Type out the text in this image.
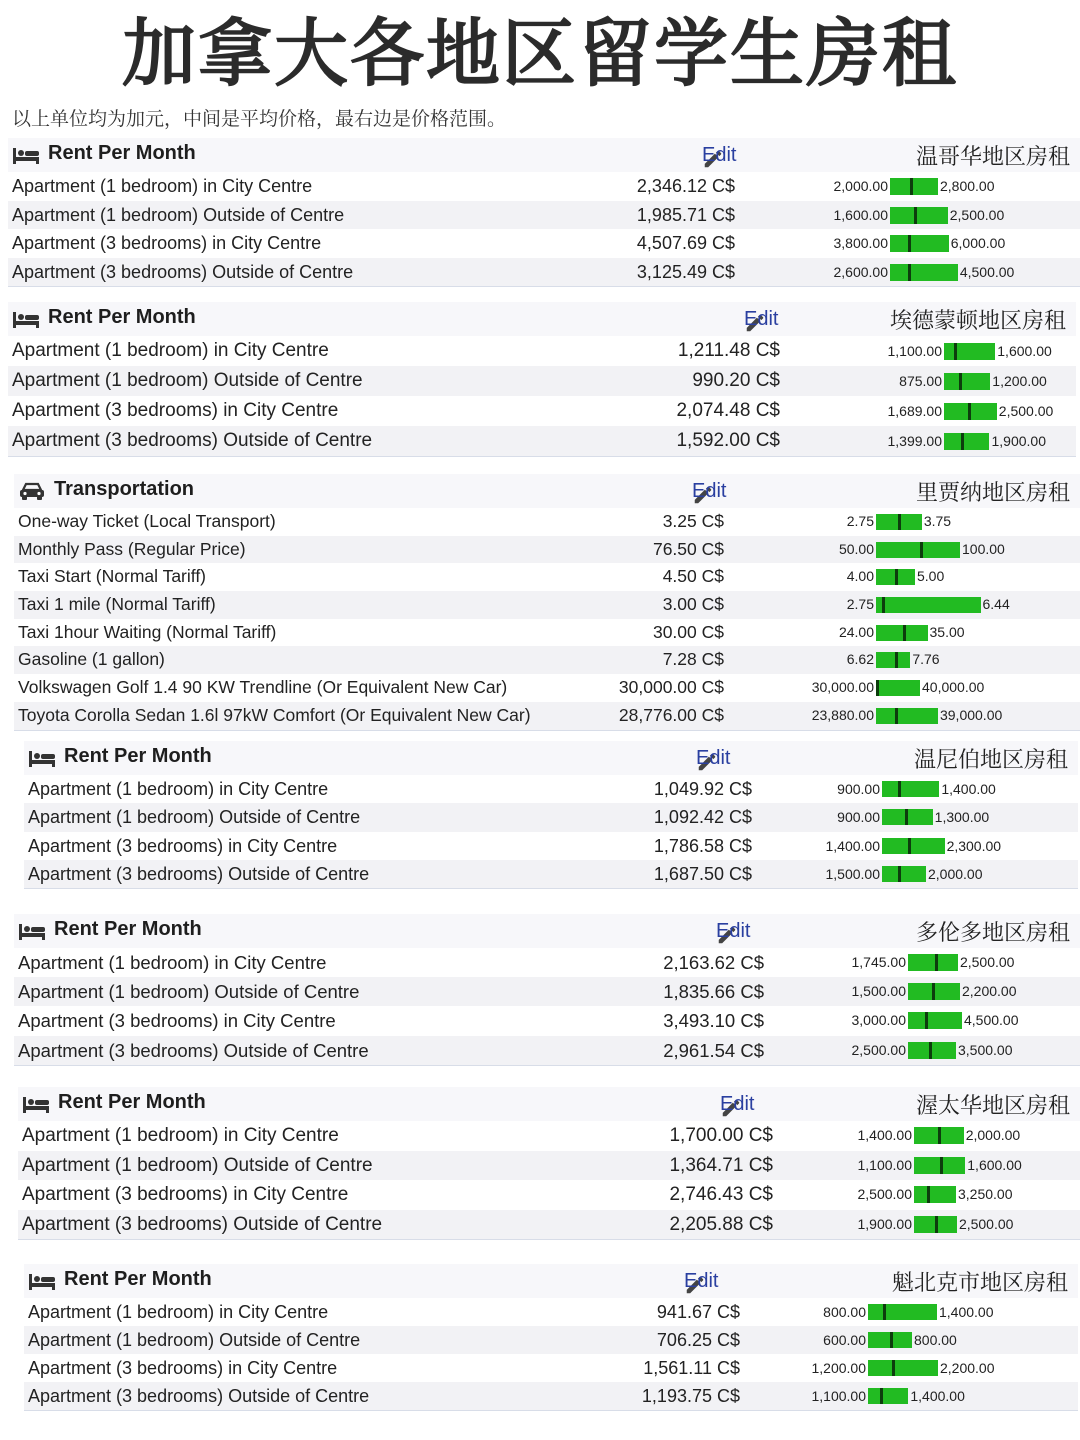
加拿大各地区留学生房租
以上单位均为加元，中间是平均价格，最右边是价格范围。
Rent Per Month	Edit	温哥华地区房租
Apartment (1 bedroom) in City Centre	2,346.12 C$	2,000.00	2,800.00
Apartment (1 bedroom) Outside of Centre	1,985.71 C$	1,600.00	2,500.00
Apartment (3 bedrooms) in City Centre	4,507.69 C$	3,800.00	6,000.00
Apartment (3 bedrooms) Outside of Centre	3,125.49 C$	2,600.00	4,500.00
Rent Per Month	Edit	埃德蒙顿地区房租
Apartment (1 bedroom) in City Centre	1,211.48 C$	1,100.00	1,600.00
Apartment (1 bedroom) Outside of Centre	990.20 C$	875.00	1,200.00
Apartment (3 bedrooms) in City Centre	2,074.48 C$	1,689.00	2,500.00
Apartment (3 bedrooms) Outside of Centre	1,592.00 C$	1,399.00	1,900.00
Transportation	Edit	里贾纳地区房租
One-way Ticket (Local Transport)	3.25 C$	2.75	3.75
Monthly Pass (Regular Price)	76.50 C$	50.00	100.00
Taxi Start (Normal Tariff)	4.50 C$	4.00	5.00
Taxi 1 mile (Normal Tariff)	3.00 C$	2.75	6.44
Taxi 1hour Waiting (Normal Tariff)	30.00 C$	24.00	35.00
Gasoline (1 gallon)	7.28 C$	6.62	7.76
Volkswagen Golf 1.4 90 KW Trendline (Or Equivalent New Car)	30,000.00 C$	30,000.00	40,000.00
Toyota Corolla Sedan 1.6l 97kW Comfort (Or Equivalent New Car)	28,776.00 C$	23,880.00	39,000.00
Rent Per Month	Edit	温尼伯地区房租
Apartment (1 bedroom) in City Centre	1,049.92 C$	900.00	1,400.00
Apartment (1 bedroom) Outside of Centre	1,092.42 C$	900.00	1,300.00
Apartment (3 bedrooms) in City Centre	1,786.58 C$	1,400.00	2,300.00
Apartment (3 bedrooms) Outside of Centre	1,687.50 C$	1,500.00	2,000.00
Rent Per Month	Edit	多伦多地区房租
Apartment (1 bedroom) in City Centre	2,163.62 C$	1,745.00	2,500.00
Apartment (1 bedroom) Outside of Centre	1,835.66 C$	1,500.00	2,200.00
Apartment (3 bedrooms) in City Centre	3,493.10 C$	3,000.00	4,500.00
Apartment (3 bedrooms) Outside of Centre	2,961.54 C$	2,500.00	3,500.00
Rent Per Month	Edit	渥太华地区房租
Apartment (1 bedroom) in City Centre	1,700.00 C$	1,400.00	2,000.00
Apartment (1 bedroom) Outside of Centre	1,364.71 C$	1,100.00	1,600.00
Apartment (3 bedrooms) in City Centre	2,746.43 C$	2,500.00	3,250.00
Apartment (3 bedrooms) Outside of Centre	2,205.88 C$	1,900.00	2,500.00
Rent Per Month	Edit	魁北克市地区房租
Apartment (1 bedroom) in City Centre	941.67 C$	800.00	1,400.00
Apartment (1 bedroom) Outside of Centre	706.25 C$	600.00	800.00
Apartment (3 bedrooms) in City Centre	1,561.11 C$	1,200.00	2,200.00
Apartment (3 bedrooms) Outside of Centre	1,193.75 C$	1,100.00	1,400.00
